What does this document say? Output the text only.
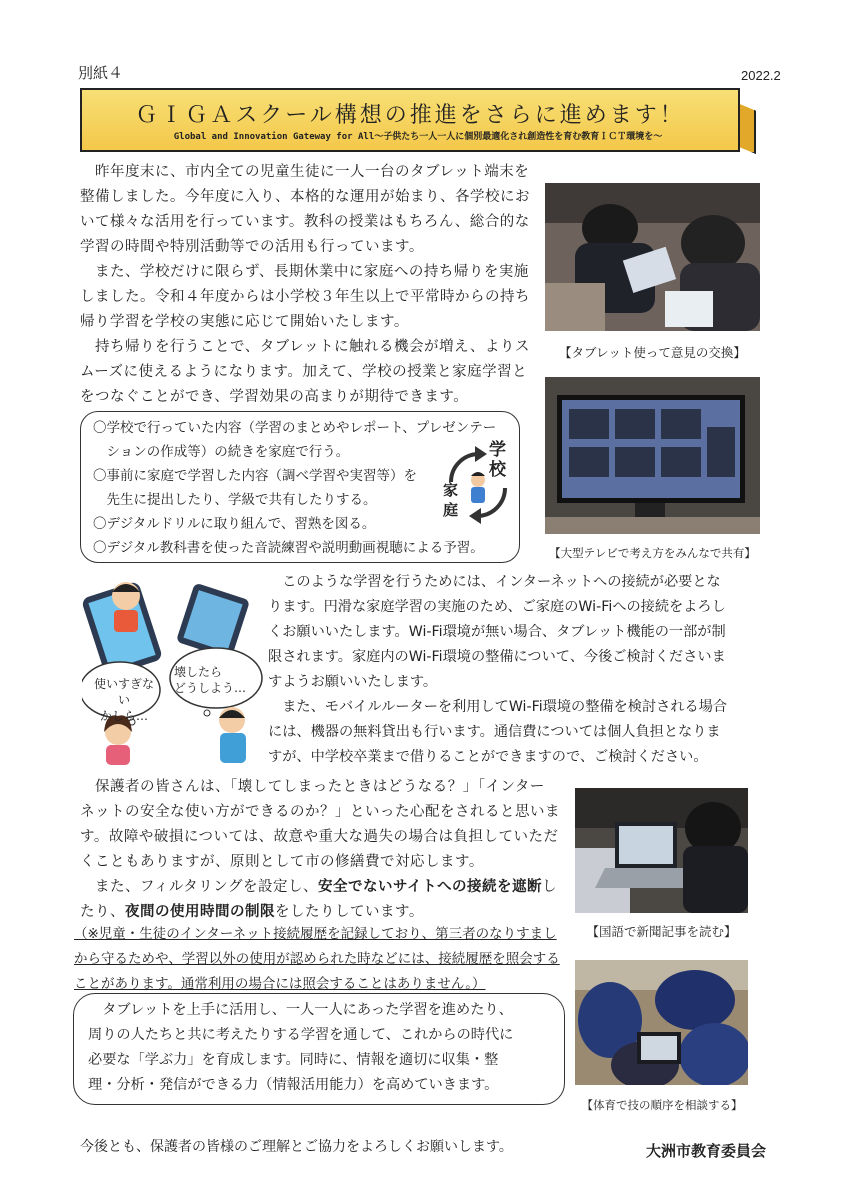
別紙４	2022.2
ＧＩＧＡスクール構想の推進をさらに進めます！
Global and Innovation Gateway for All～子供たち一人一人に個別最適化され創造性を育む教育ＩＣＴ環境を～
　昨年度末に、市内全ての児童生徒に一人一台のタブレット端末を
整備しました。今年度に入り、本格的な運用が始まり、各学校にお
いて様々な活用を行っています。教科の授業はもちろん、総合的な
学習の時間や特別活動等での活用も行っています。
　また、学校だけに限らず、長期休業中に家庭への持ち帰りを実施
しました。令和４年度からは小学校３年生以上で平常時からの持ち
帰り学習を学校の実態に応じて開始いたします。
　持ち帰りを行うことで、タブレットに触れる機会が増え、よりス
ムーズに使えるようになります。加えて、学校の授業と家庭学習と
をつなぐことができ、学習効果の高まりが期待できます。
【タブレット使って意見の交換】
【大型テレビで考え方をみんなで共有】
〇学校で行っていた内容（学習のまとめやレポート、プレゼンテー
　ションの作成等）の続きを家庭で行う。
〇事前に家庭で学習した内容（調べ学習や実習等）を
　先生に提出したり、学級で共有したりする。
〇デジタルドリルに取り組んで、習熟を図る。
〇デジタル教科書を使った音読練習や説明動画視聴による予習。
学校
家庭
使いすぎない
かしら…
壊したら
どうしよう…
　このような学習を行うためには、インターネットへの接続が必要とな
ります。円滑な家庭学習の実施のため、ご家庭のWi-Fiへの接続をよろし
くお願いいたします。Wi-Fi環境が無い場合、タブレット機能の一部が制
限されます。家庭内のWi-Fi環境の整備について、今後ご検討くださいま
すようお願いいたします。
　また、モバイルルーターを利用してWi-Fi環境の整備を検討される場合
には、機器の無料貸出も行います。通信費については個人負担となりま
すが、中学校卒業まで借りることができますので、ご検討ください。
　保護者の皆さんは、「壊してしまったときはどうなる？」「インター
ネットの安全な使い方ができるのか？」といった心配をされると思いま
す。故障や破損については、故意や重大な過失の場合は負担していただ
くこともありますが、原則として市の修繕費で対応します。
　また、フィルタリングを設定し、安全でないサイトへの接続を遮断し
たり、夜間の使用時間の制限をしたりしています。
（※児童・生徒のインターネット接続履歴を記録しており、第三者のなりすまし
から守るためや、学習以外の使用が認められた時などには、接続履歴を照会する
ことがあります。通常利用の場合には照会することはありません。）
【国語で新聞記事を読む】
【体育で技の順序を相談する】
　タブレットを上手に活用し、一人一人にあった学習を進めたり、
周りの人たちと共に考えたりする学習を通して、これからの時代に
必要な「学ぶ力」を育成します。同時に、情報を適切に収集・整
理・分析・発信ができる力（情報活用能力）を高めていきます。
今後とも、保護者の皆様のご理解とご協力をよろしくお願いします。	大洲市教育委員会
